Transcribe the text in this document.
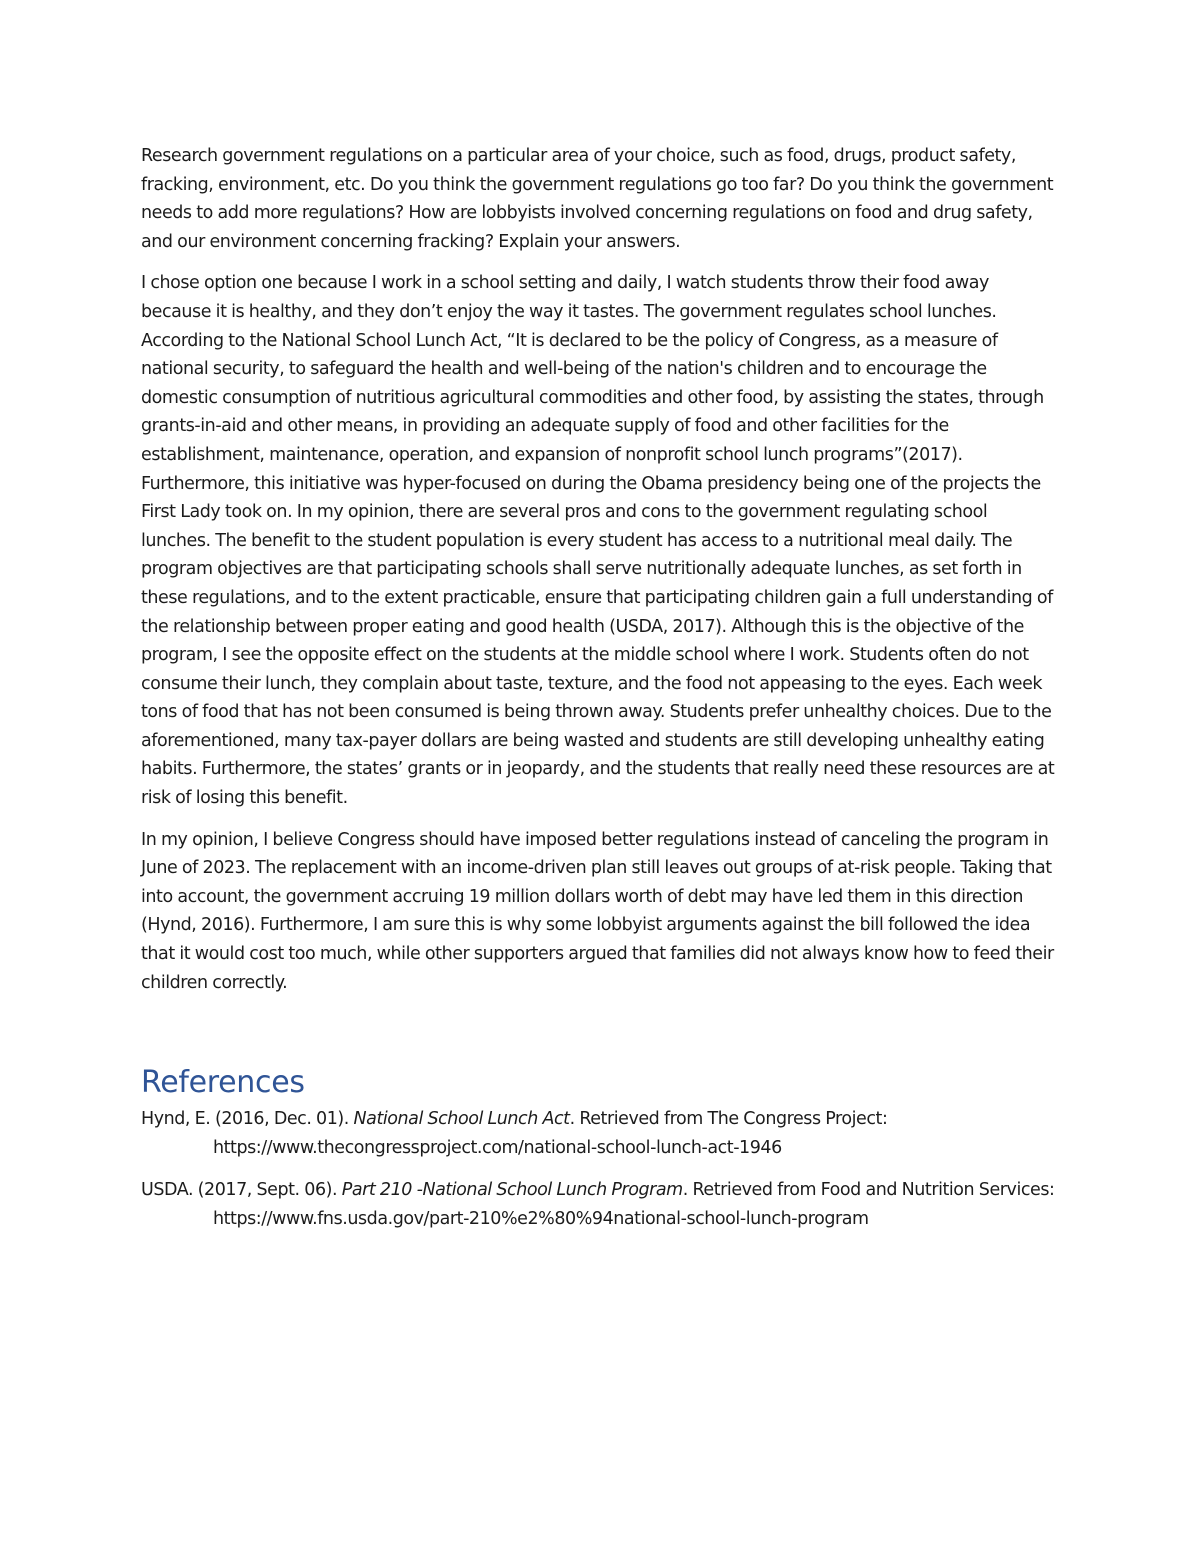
Research government regulations on a particular area of your choice, such as food, drugs, product safety, fracking, environment, etc. Do you think the government regulations go too far? Do you think the government needs to add more regulations? How are lobbyists involved concerning regulations on food and drug safety, and our environment concerning fracking? Explain your answers.

I chose option one because I work in a school setting and daily, I watch students throw their food away because it is healthy, and they don’t enjoy the way it tastes. The government regulates school lunches. According to the National School Lunch Act, “It is declared to be the policy of Congress, as a measure of national security, to safeguard the health and well-being of the nation's children and to encourage the domestic consumption of nutritious agricultural commodities and other food, by assisting the states, through grants-in-aid and other means, in providing an adequate supply of food and other facilities for the establishment, maintenance, operation, and expansion of nonprofit school lunch programs”(2017). Furthermore, this initiative was hyper-focused on during the Obama presidency being one of the projects the First Lady took on. In my opinion, there are several pros and cons to the government regulating school lunches. The benefit to the student population is every student has access to a nutritional meal daily. The program objectives are that participating schools shall serve nutritionally adequate lunches, as set forth in these regulations, and to the extent practicable, ensure that participating children gain a full understanding of the relationship between proper eating and good health (USDA, 2017). Although this is the objective of the program, I see the opposite effect on the students at the middle school where I work. Students often do not consume their lunch, they complain about taste, texture, and the food not appeasing to the eyes. Each week tons of food that has not been consumed is being thrown away. Students prefer unhealthy choices. Due to the aforementioned, many tax-payer dollars are being wasted and students are still developing unhealthy eating habits. Furthermore, the states’ grants or in jeopardy, and the students that really need these resources are at risk of losing this benefit.

In my opinion, I believe Congress should have imposed better regulations instead of canceling the program in June of 2023. The replacement with an income-driven plan still leaves out groups of at-risk people. Taking that into account, the government accruing 19 million dollars worth of debt may have led them in this direction (Hynd, 2016). Furthermore, I am sure this is why some lobbyist arguments against the bill followed the idea that it would cost too much, while other supporters argued that families did not always know how to feed their children correctly.

References

Hynd, E. (2016, Dec. 01). National School Lunch Act. Retrieved from The Congress Project: https://www.thecongressproject.com/national-school-lunch-act-1946

USDA. (2017, Sept. 06). Part 210 -National School Lunch Program. Retrieved from Food and Nutrition Services: https://www.fns.usda.gov/part-210%e2%80%94national-school-lunch-program
